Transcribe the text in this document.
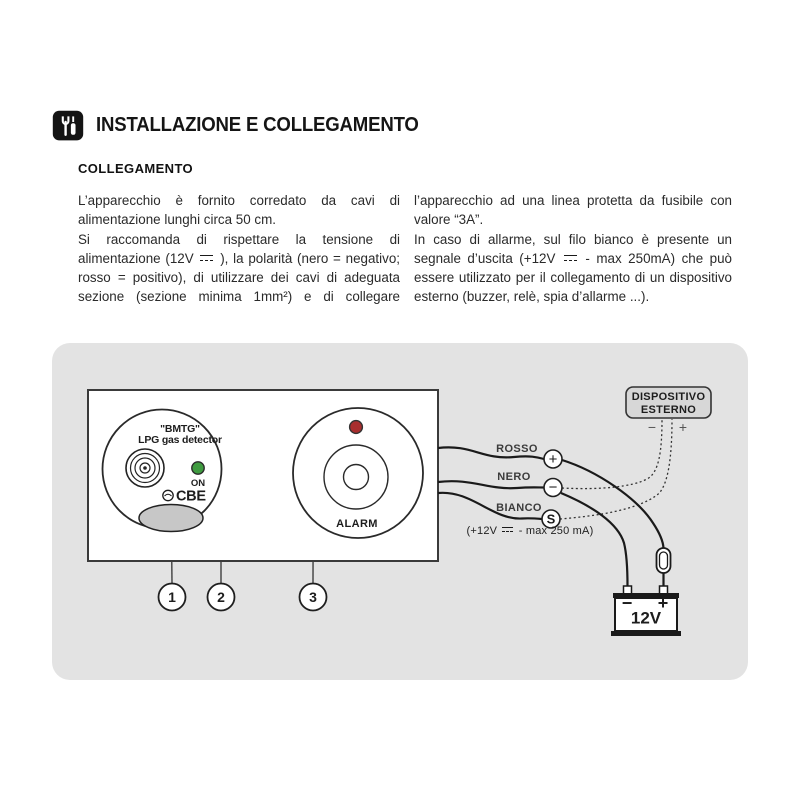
INSTALLAZIONE E COLLEGAMENTO
COLLEGAMENTO
L’apparecchio è fornito corredato da cavi di
alimentazione lunghi circa 50 cm.
Si raccomanda di rispettare la tensione di
alimentazione (12V
), la polarità (nero = negativo;
rosso = positivo), di utilizzare dei cavi di adeguata
sezione (sezione minima 1mm²) e di collegare
l’apparecchio ad una linea protetta da fusibile con
valore “3A”.
In caso di allarme, sul filo bianco è presente un
segnale d’uscita (+12V
- max 250mA) che può
essere utilizzato per il collegamento di un dispositivo
esterno (buzzer, relè, spia d’allarme ...).
"BMTG"
LPG gas detector
ON
CBE
ALARM
1	2	3
ROSSO
NERO
BIANCO
+
−
S
DISPOSITIVO
ESTERNO
− +
− +
12V
(+12V
- max 250 mA)
